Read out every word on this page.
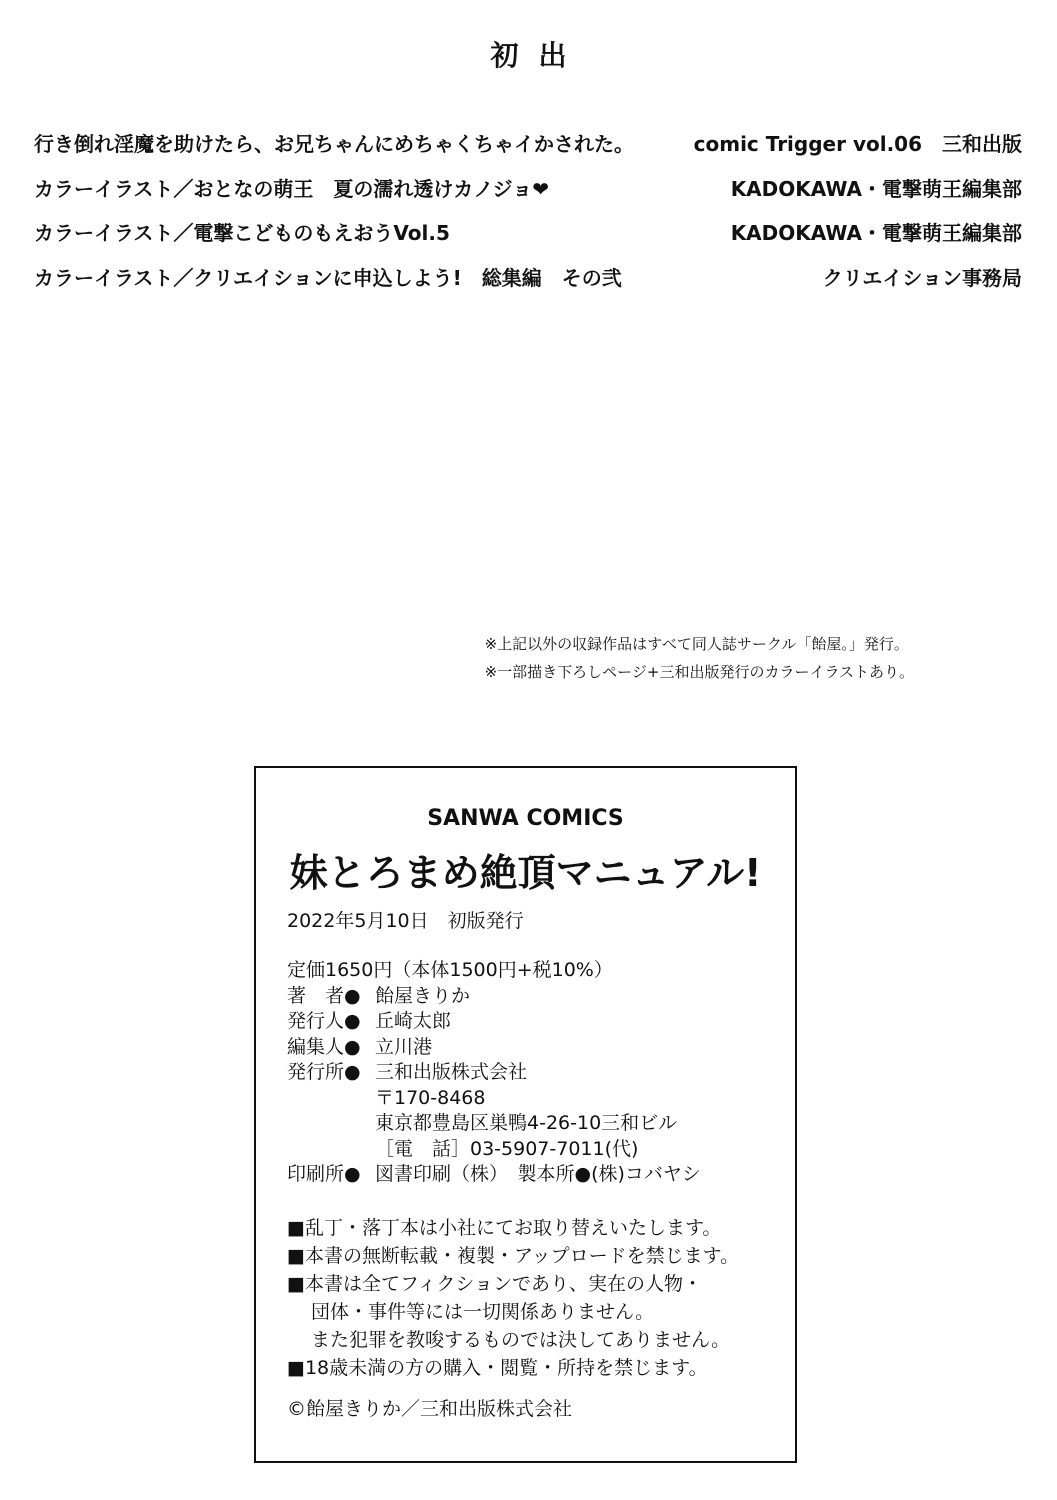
初出
行き倒れ淫魔を助けたら、お兄ちゃんにめちゃくちゃイかされた。	comic Trigger vol.06　三和出版
カラーイラスト／おとなの萌王　夏の濡れ透けカノジョ❤	KADOKAWA・電撃萌王編集部
カラーイラスト／電撃こどものもえおうVol.5	KADOKAWA・電撃萌王編集部
カラーイラスト／クリエイションに申込しよう!　総集編　その弐	クリエイション事務局
※上記以外の収録作品はすべて同人誌サークル「飴屋。」発行。
※一部描き下ろしページ+三和出版発行のカラーイラストあり。
SANWA COMICS
妹とろまめ絶頂マニュアル!
2022年5月10日　初版発行
定価1650円（本体1500円+税10%）
著　者● 飴屋きりか
発行人● 丘崎太郎
編集人● 立川港
発行所● 三和出版株式会社
〒170-8468
東京都豊島区巣鴨4-26-10三和ビル
［電　話］03-5907-7011(代)
印刷所● 図書印刷（株）　製本所●(株)コバヤシ
■乱丁・落丁本は小社にてお取り替えいたします。
■本書の無断転載・複製・アップロードを禁じます。
■本書は全てフィクションであり、実在の人物・
団体・事件等には一切関係ありません。
また犯罪を教唆するものでは決してありません。
■18歳未満の方の購入・閲覧・所持を禁じます。
©飴屋きりか／三和出版株式会社
